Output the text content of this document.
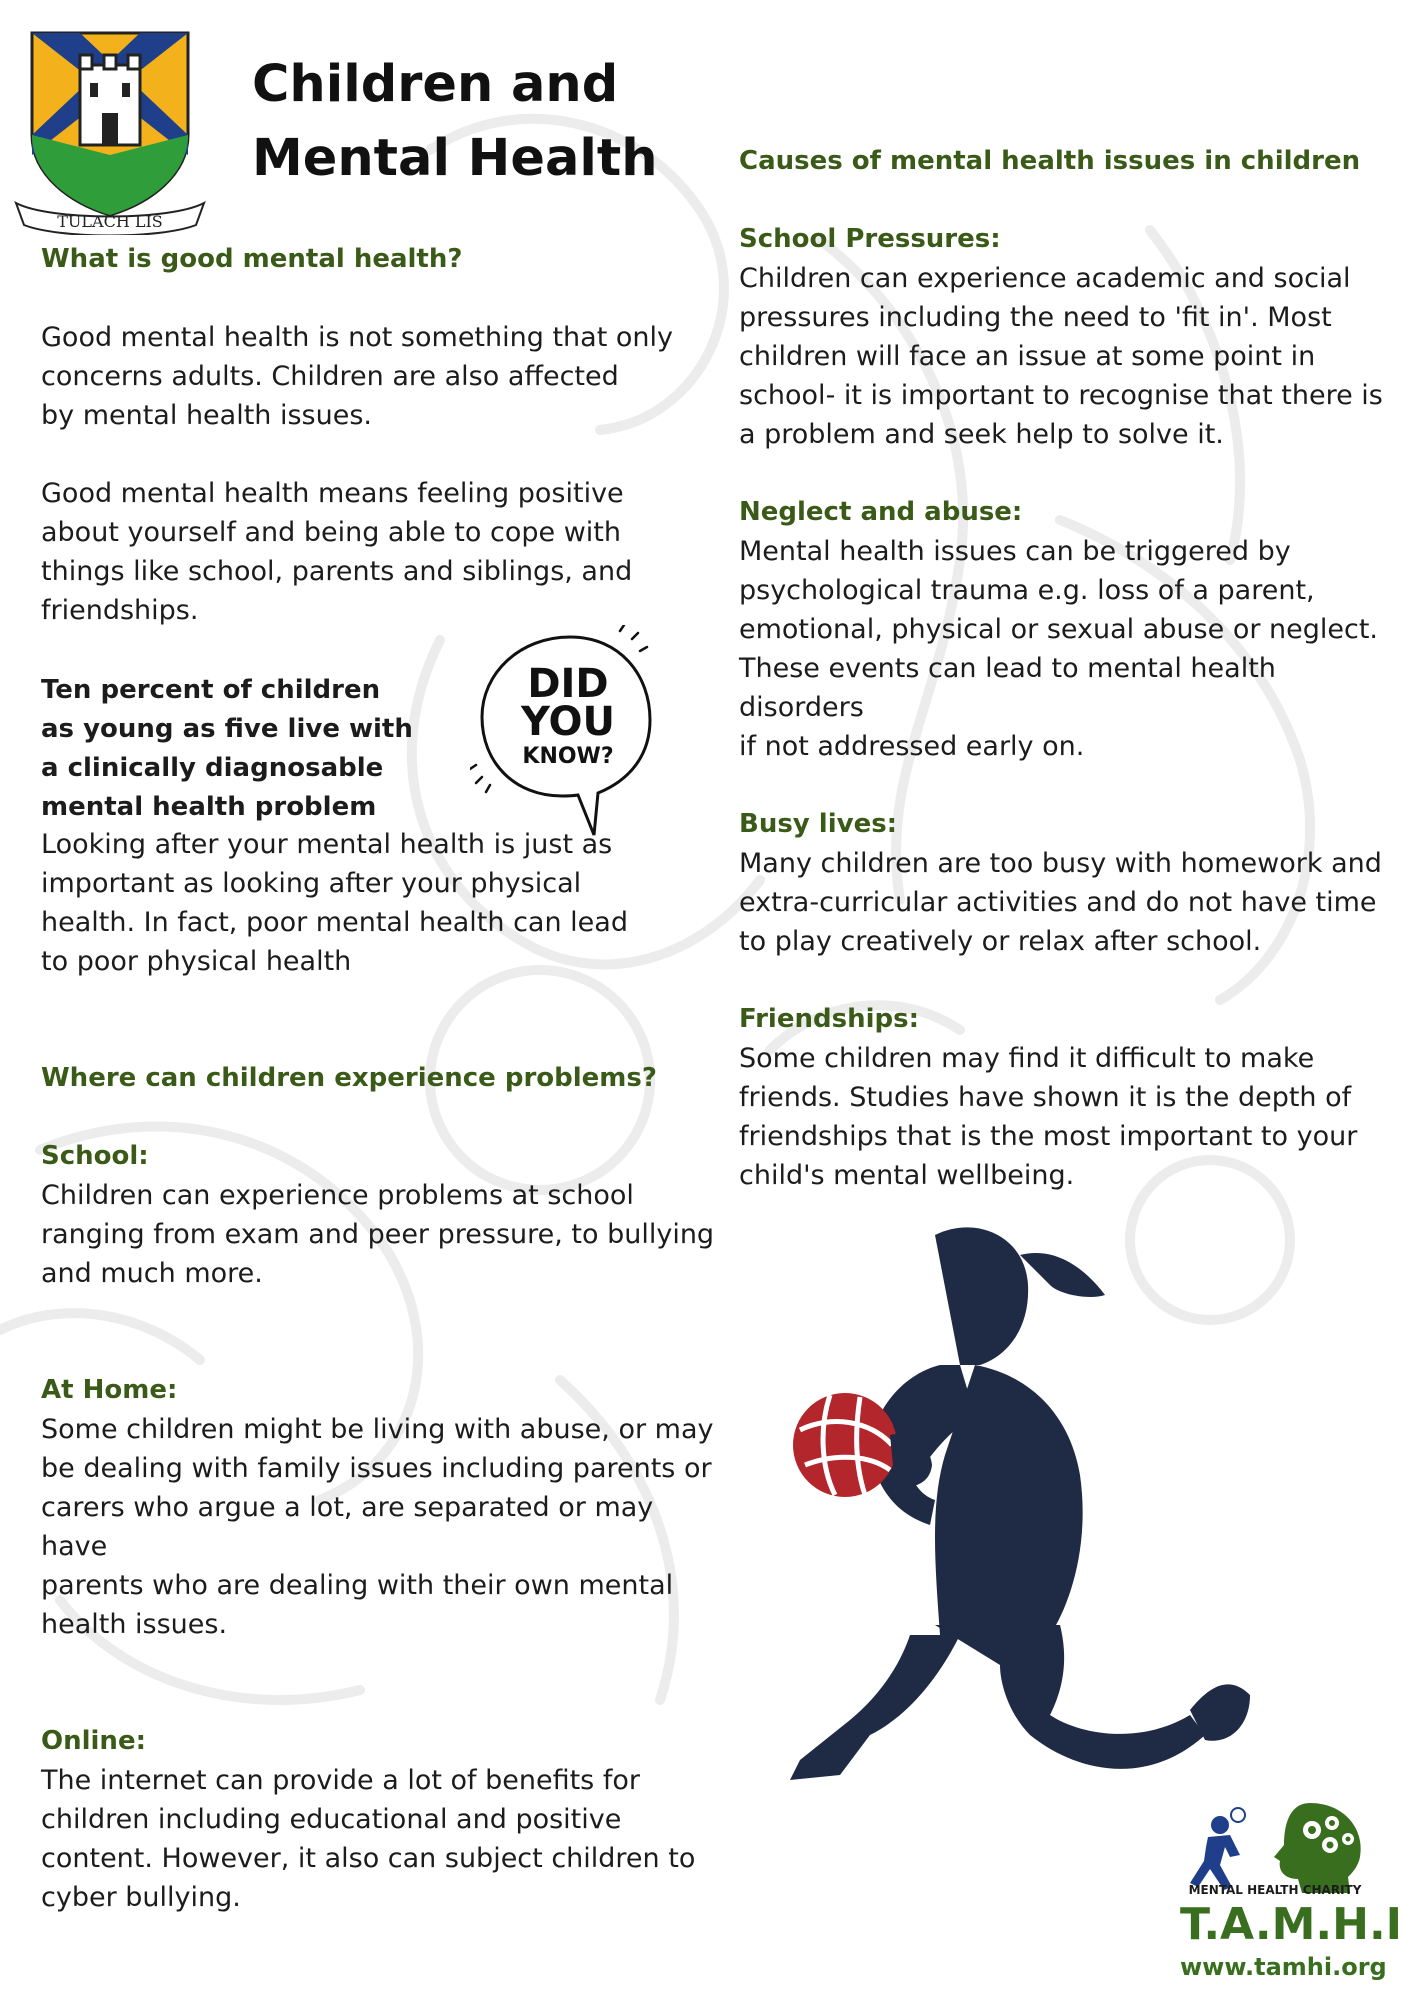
TULACH LIS
Children and
Mental Health

What is good mental health?

Good mental health is not something that only
concerns adults. Children are also affected
by mental health issues.
Good mental health means feeling positive
about yourself and being able to cope with
things like school, parents and siblings, and
friendships.
Looking after your mental health is just as
important as looking after your physical
health. In fact, poor mental health can lead
to poor physical health

Where can children experience problems?

School:

Children can experience problems at school
ranging from exam and peer pressure, to bullying
and much more.

At Home:

Some children might be living with abuse, or may
be dealing with family issues including parents or
carers who argue a lot, are separated or may have
parents who are dealing with their own mental
health issues.

Online:

The internet can provide a lot of benefits for
children including educational and positive
content. However, it also can subject children to
cyber bullying.
Ten percent of children
as young as five live with
a clinically diagnosable
mental health problem
DID
YOU
KNOW?

Causes of mental health issues in children

School Pressures:

Children can experience academic and social
pressures including the need to 'fit in'. Most
children will face an issue at some point in
school- it is important to recognise that there is
a problem and seek help to solve it.

Neglect and abuse:

Mental health issues can be triggered by
psychological trauma e.g. loss of a parent,
emotional, physical or sexual abuse or neglect.
These events can lead to mental health disorders
if not addressed early on.

Busy lives:

Many children are too busy with homework and
extra-curricular activities and do not have time
to play creatively or relax after school.

Friendships:

Some children may find it difficult to make
friends. Studies have shown it is the depth of
friendships that is the most important to your
child's mental wellbeing.
MENTAL HEALTH CHARITY
T.A.M.H.I
www.tamhi.org
